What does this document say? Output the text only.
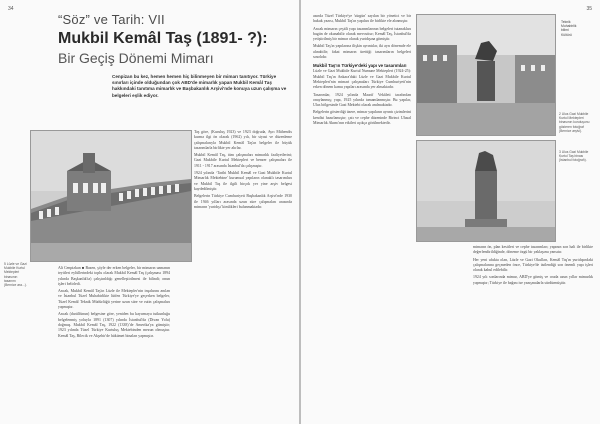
34
“Söz” ve Tarih: VII
Mukbil Kemâl Taş (1891- ?):
Bir Geçiş Dönemi Mimarı
Cenpizan bu kez, hemen hemen hiç bilinmeyen bir mimarı tanıtıyor. Türkiye sınırları içinde olduğundan çok ABD'de mimarlık yapan Mukbil Kemâl Taş hakkındaki tanıtıma mimarlık ve Başbakanlık Arşivi'nde konuya uzun çalışma ve belgeleri eşlik ediyor.
5 Lüzle ve Gazi Mukbile Kurtul Mektepleri binasının tasarımı (Bernice ara...).

Ali Cenpizkan ■ Bazen, şöyle der erken belgeler, bir mimarın uzmanın teyitleri eylüllerindeki toplu olarak Mukbil Kemâl Taş (çalışması 1894 yılında Başkanlık'ta) çalıştırıldığı genelleştirilmesi ile bilindi; onun işleri belirledi.

Ancak, Mukbil Kemâl Taş'ın Lüzle ile Mektepler'nin inşalarını anılan ve İstanbul Tüzel Muhabirlikte lütfen Türkiye'ye geçerken belgeler, Tüzel Kemâl Teknik Müdürlüğü yerine uzun süre ve rutin çalışmaları yapmıştır.

Ancak (darülfünun) belgesine göre, yeniden bu kayırmaya tutkunluğu belgelenmiş yoluyla 1891 (1307) yılında İstanbul'da (Divan Yolu) doğmuş. Mukbil Kemâl Taş, 1922 (1338)’de Amerika'ya gitmiştir; 1923 yılında Tüzel Türkiye Kurtuluş Mektebinden mezun olmuştur. Kemâl Taş, Bilecik ve Akşehir'de hükümet binaları yapmıştır.

Taş göre, (Kuruluş 1923) ve 1923 doğruda, Ayrı Mühendis kurma ilgi ön olarak (1962) yılı, bir siyasi ve düzenleme çalışmalarıyla Mukbil Kemâl Taş'ın belgeler ile büyük tasarımlarla birlikte yer alırlar.

Mukbil Kemâl Taş, tüm çalışmaları mimarlık faaliyetlerini; Gazi Mukbile Kurtul Mektepleri ve benzer çalışmaları ile 1911 - 1917 arasında İstanbul'da çalışmıştır.

1924 yılında ‘Tarihi Mukbil Kemâl ve Gazi Mukbile Kurtul Mimarlık Mektebine' kurumsal yapıların olanaklı tasarımları ve Mukbil Taş ile ilgili birçok yer yine arşiv belgesi kaydedilmiştir.

Belgelerin Türkiye Cumhuriyeti Başbakanlık Arşivi'nde 1930 ile 1946 yılları arasında uzun süre çalışmaları arasında mimarın 'yurtdışı' kimlikleri bulunmaktadır.

35

asında Tüzel Türkiye'ye 'sürgün' sayılan bir yönetici ve bir hukuk yazısı, Mukbil Taş'ın yapıları ile birlikte ele alınmıştır.

Ancak mimarın çeşitli yapı tasarımlarının belgeleri tutanakları bugün de okunabilir olarak mevcuttur; Kemâl Taş, İstanbul'da yetiştirilmiş bir mimar olarak yurtdışına gitmiştir.

Mukbil Taş'ın yapılarına ilişkin ayrıntılar, iki ayrı dönemde ele alınabilir; fakat mimarın ürettiği tasarımların belgeleri sınırlıdır.

Mukbil Taş'ın Türkiye'deki yapı ve tasarımları

Lüzle ve Gazi Mukbile Kurtul Numune Mektepleri (1924-25): Mukbil Taş'ın Ankara'daki Lüzle ve Gazi Mukbile Kurtul Mektepleri'nin mimari çalışmaları Türkiye Cumhuriyeti'nin erken dönem kamu yapıları arasında yer almaktadır.

Tasarımlar, 1924 yılında Maarif Vekâleti tarafından onaylanmış; yapı, 1925 yılında tamamlanmıştır. Bu yapılar, Ulus bölgesinde Gazi Mektebi olarak anılmaktadır.

Belgelerin gösterdiği üzere, mimar yapıların ayrıntı çizimlerini kendisi hazırlamıştır; çatı ve cephe düzeninde Birinci Ulusal Mimarlık Akımı'nın etkileri açıkça görülmektedir.

2 Ulus Gazi Mukbile Kurtul Mektepleri binasının kuruluşunu gösteren fotoğraf (Bernice arşivi).
3 Ulus Gazi Mukbile Kurtul Taş binası (İstanbul fotoğrafı).

mimarın ön, plan kesitleri ve cephe tasarımları; yapının son hali ile birlikte değerlendirildiğinde, döneme özgü bir yaklaşımı yansıtır.

Her yeni ufukta olan, Lüzle ve Gazi Okulları, Kemâl Taş'ın yurtdışındaki çalışmalarına geçmeden önce, Türkiye'de üstlendiği son önemli yapı işleri olarak kabul edilebilir.

1924 yılı sonlarında mimar, ABD'ye gitmiş ve orada uzun yıllar mimarlık yapmıştır; Türkiye ile bağını ise yazışmalarla sürdürmüştür.

Teknik
Muhabirlik
bilimi
Kültürü
